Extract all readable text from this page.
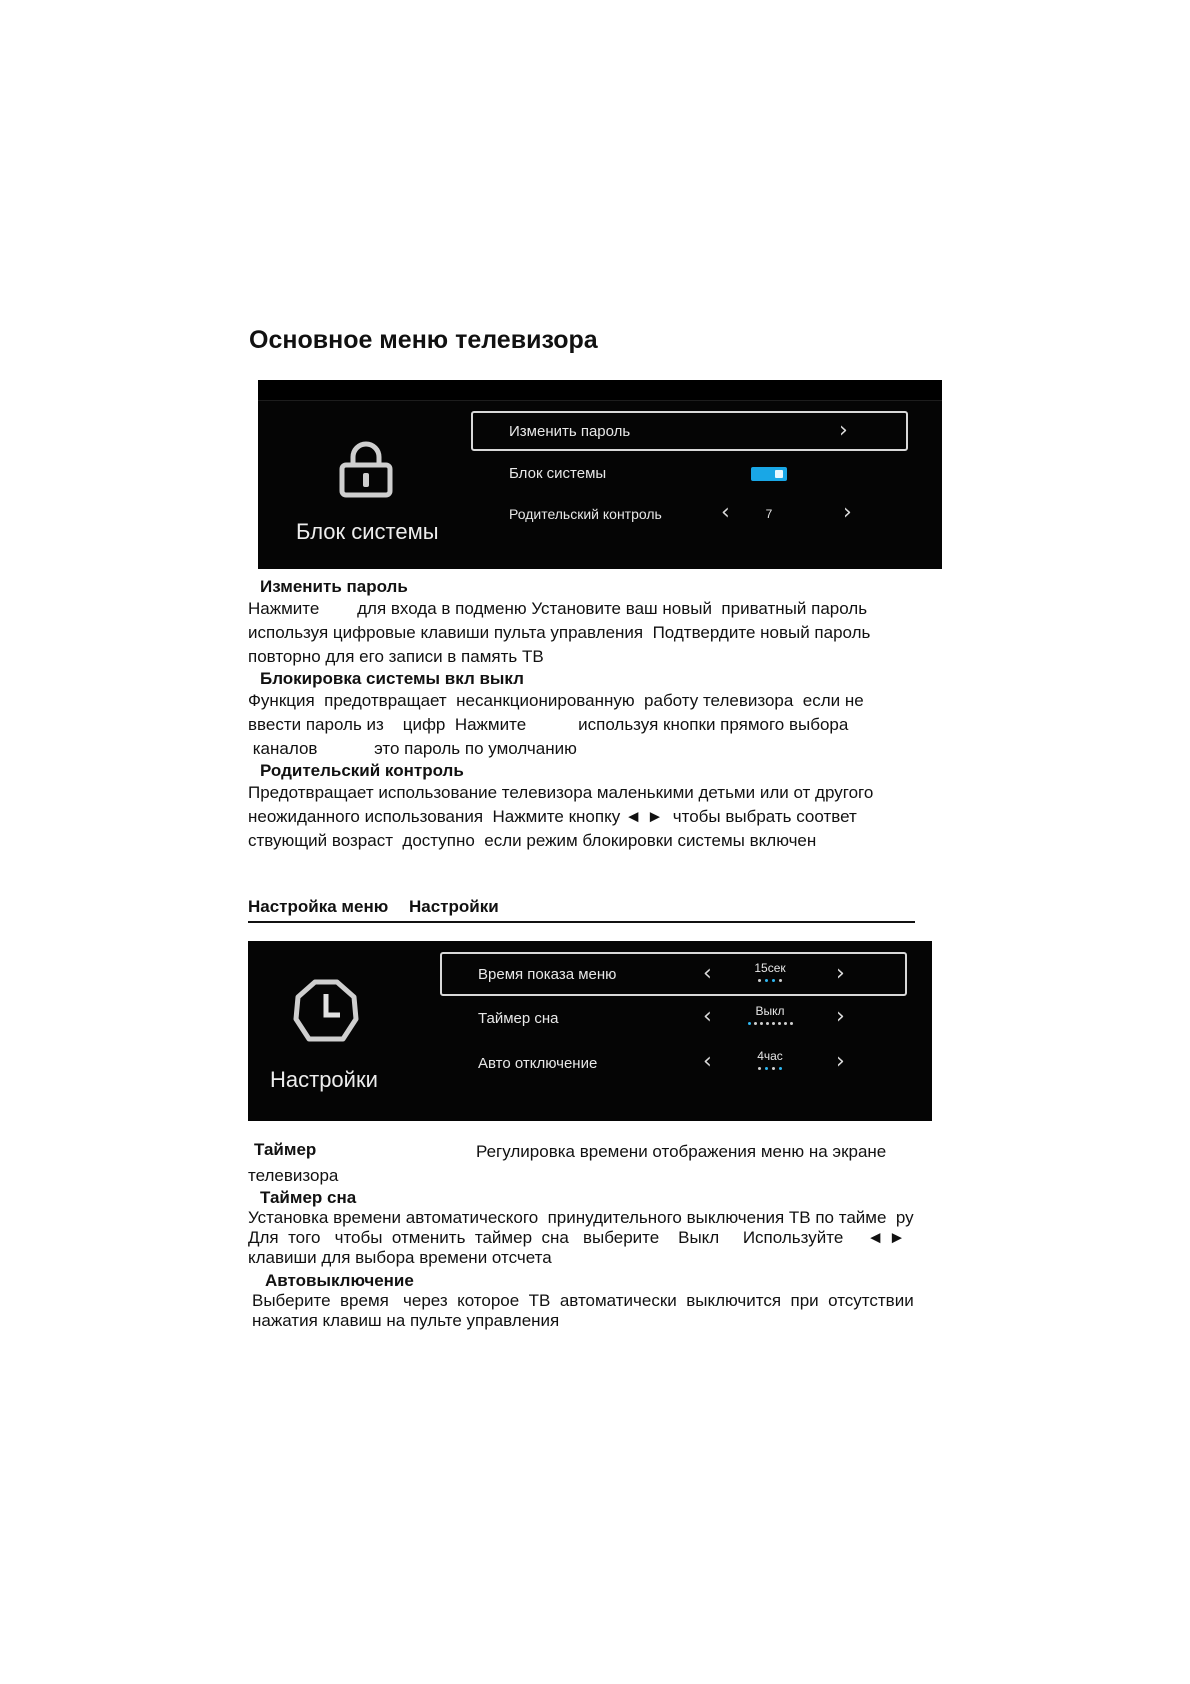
Основное меню телевизора
Блок системы
Изменить пароль	›
Блок системы
Родительский контроль	‹	7	›

Изменить пароль

Нажмите        для входа в подменю Установите ваш новый  приватный пароль

используя цифровые клавиши пульта управления  Подтвердите новый пароль

повторно для его записи в память ТВ

Блокировка системы вкл выкл

Функция  предотвращает  несанкционированную  работу телевизора  если не

ввести пароль из    цифр  Нажмите           используя кнопки прямого выбора

каналов            это пароль по умолчанию

Родительский контроль

Предотвращает использование телевизора маленькими детьми или от другого

неожиданного использования  Нажмите кнопку ◄ ►  чтобы выбрать соответ

ствующий возраст  доступно  если режим блокировки системы включен

Настройка меню Настройки
Настройки
Время показа меню	‹	15сек	›
Таймер сна	‹	Выкл	›
Авто отключение	‹	4час	›
Таймер	Регулировка времени отображения меню на экране

телевизора

Таймер сна

Установка времени автоматического  принудительного выключения ТВ по тайме  ру

Для  того   чтобы  отменить  таймер  сна   выберите    Выкл     Используйте     ◄ ►

клавиши для выбора времени отсчета

Автовыключение

Выберите  время   через  которое  ТВ  автоматически  выключится  при  отсутствии

нажатия клавиш на пульте управления
